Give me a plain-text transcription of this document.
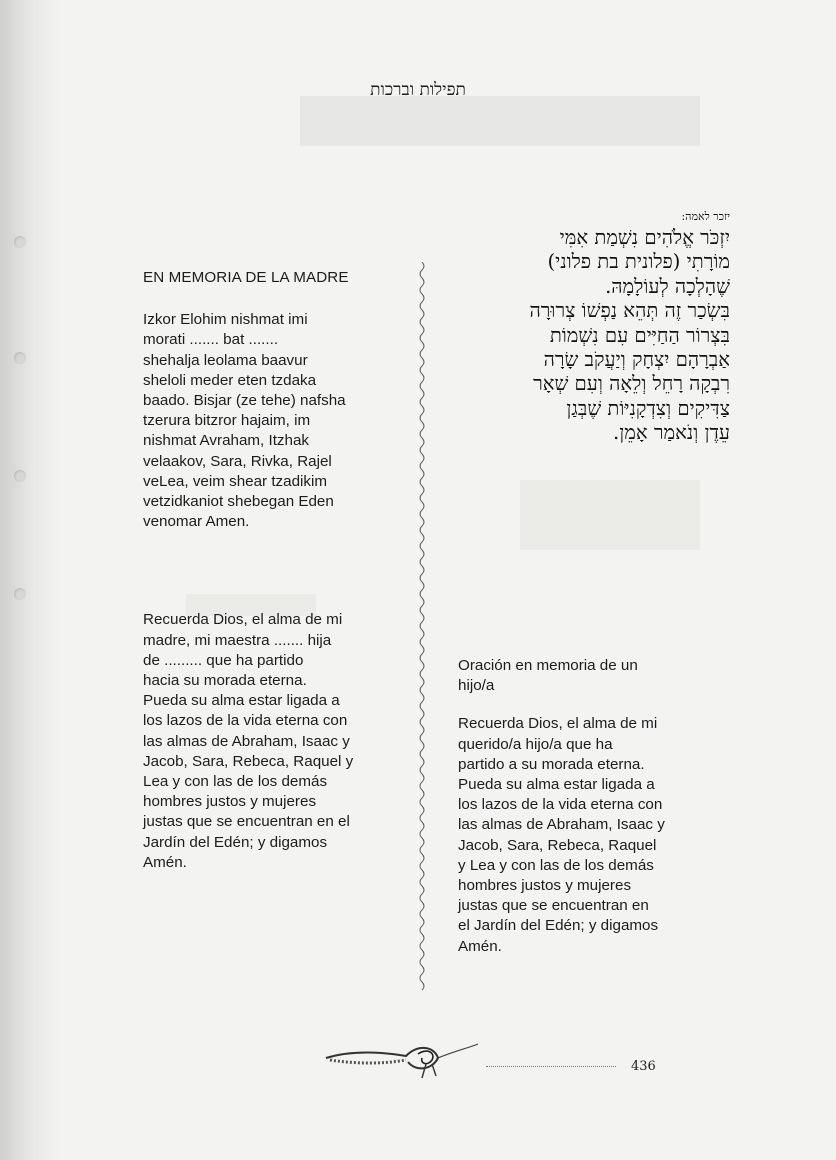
תפילות וברכות
יזכר לאמה:
יִזְכֹּר אֱלֹהִים נִשְׁמַת אִמִּי
מוֹרָתִי (פלונית בת פלוני)
שֶׁהָלְכָה לְעוֹלָמָהּ.
בִּשְׂכַר זֶה תְּהֵא נַפְשׁוֹ צְרוּרָה
בִּצְרוֹר הַחַיִּים עִם נִשְׁמוֹת
אַבְרָהָם יִצְחָק וְיַעֲקֹב שָׂרָה
רִבְקָה רָחֵל וְלֵאָה וְעִם שְׁאָר
צַדִּיקִים וְצִדְקָנִיּוֹת שֶׁבְּגַן
עֵדֶן וְנֹאמַר אָמֵן.
EN MEMORIA DE LA MADRE

Izkor Elohim nishmat imi
morati ....... bat .......
shehalja leolama baavur
sheloli meder eten tzdaka
baado. Bisjar (ze tehe) nafsha
tzerura bitzror hajaim, im
nishmat Avraham, Itzhak
velaakov, Sara, Rivka, Rajel
veLea, veim shear tzadikim
vetzidkaniot shebegan Eden
venomar Amen.

Recuerda Dios, el alma de mi
madre, mi maestra ....... hija
de ......... que ha partido
hacia su morada eterna.
Pueda su alma estar ligada a
los lazos de la vida eterna con
las almas de Abraham, Isaac y
Jacob, Sara, Rebeca, Raquel y
Lea y con las de los demás
hombres justos y mujeres
justas que se encuentran en el
Jardín del Edén; y digamos
Amén.

Oración en memoria de un
hijo/a

Recuerda Dios, el alma de mi
querido/a hijo/a que ha
partido a su morada eterna.
Pueda su alma estar ligada a
los lazos de la vida eterna con
las almas de Abraham, Isaac y
Jacob, Sara, Rebeca, Raquel
y Lea y con las de los demás
hombres justos y mujeres
justas que se encuentran en
el Jardín del Edén; y digamos
Amén.

436
